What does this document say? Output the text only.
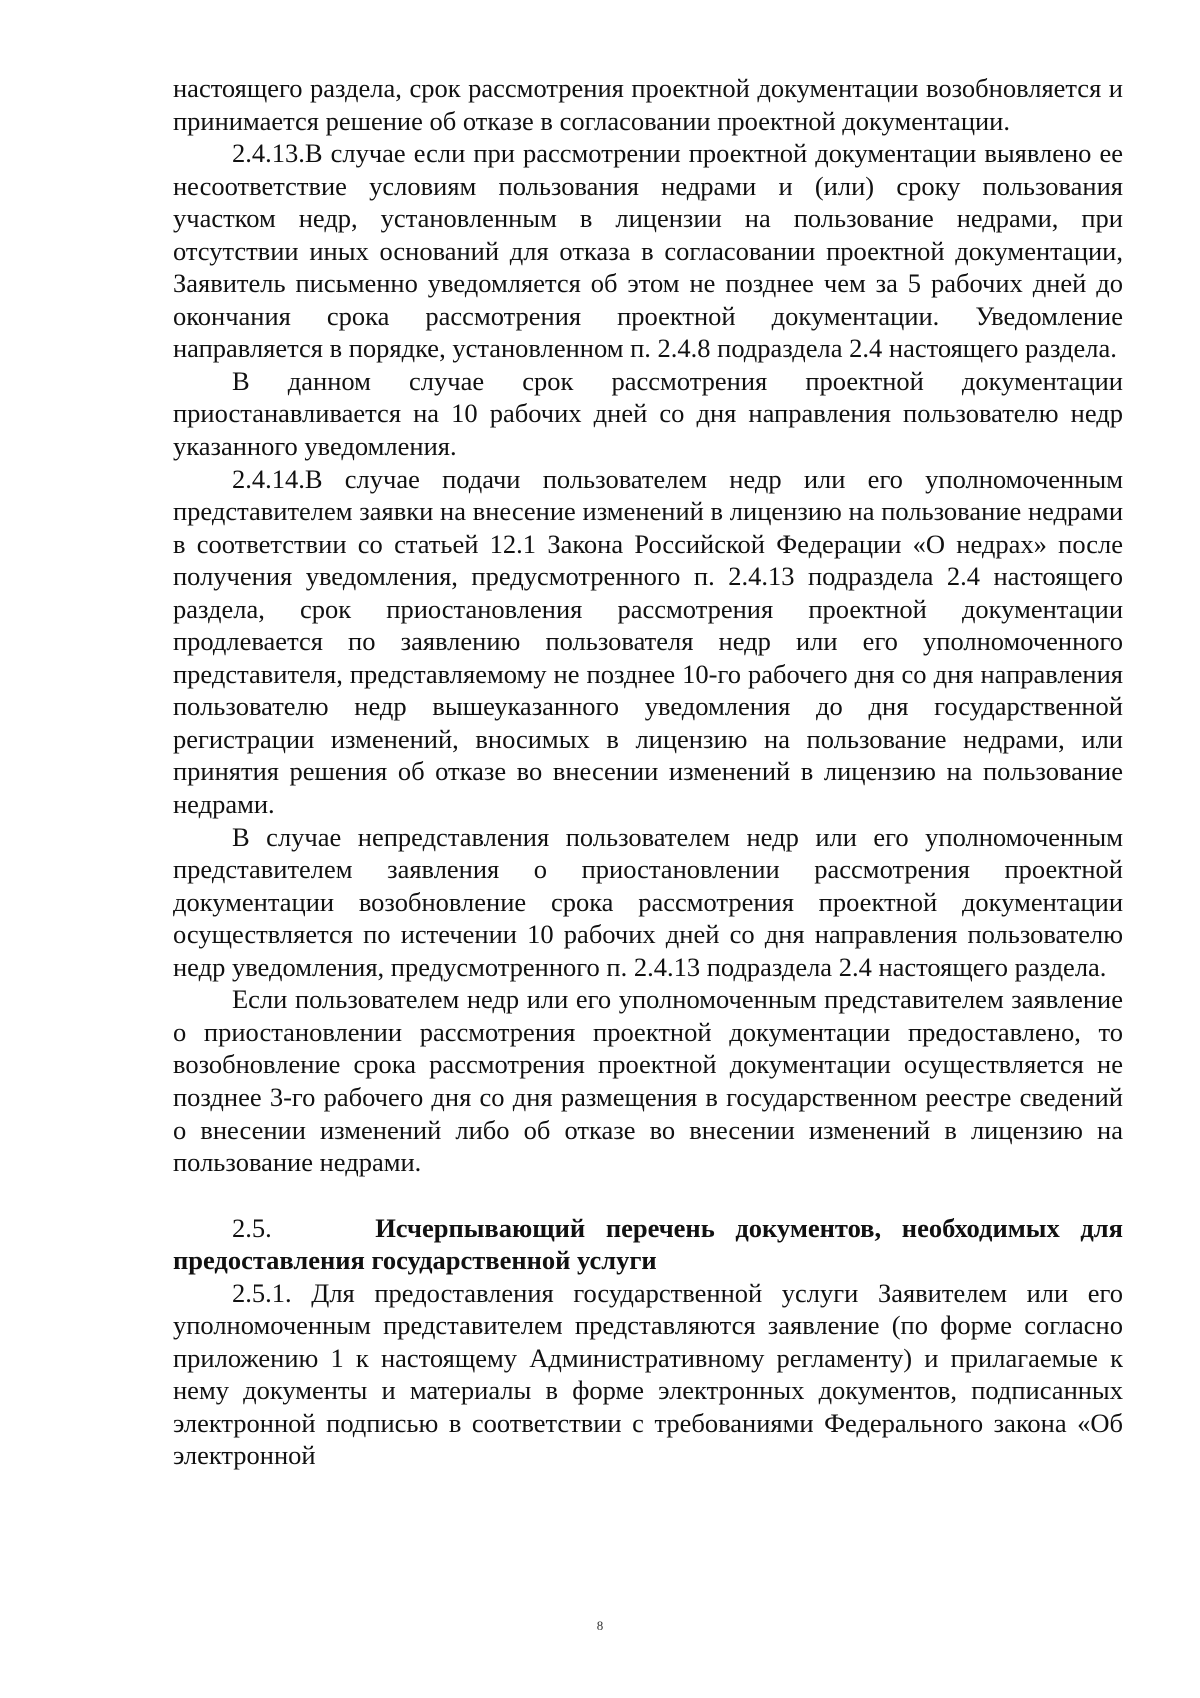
настоящего раздела, срок рассмотрения проектной документации возобновляется и принимается решение об отказе в согласовании проектной документации.

2.4.13.В случае если при рассмотрении проектной документации выявлено ее несоответствие условиям пользования недрами и (или) сроку пользования участком недр, установленным в лицензии на пользование недрами, при отсутствии иных оснований для отказа в согласовании проектной документации, Заявитель письменно уведомляется об этом не позднее чем за 5 рабочих дней до окончания срока рассмотрения проектной документации. Уведомление направляется в порядке, установленном п. 2.4.8 подраздела 2.4 настоящего раздела.

В данном случае срок рассмотрения проектной документации приостанавливается на 10 рабочих дней со дня направления пользователю недр указанного уведомления.

2.4.14.В случае подачи пользователем недр или его уполномоченным представителем заявки на внесение изменений в лицензию на пользование недрами в соответствии со статьей 12.1 Закона Российской Федерации «О недрах» после получения уведомления, предусмотренного п. 2.4.13 подраздела 2.4 настоящего раздела, срок приостановления рассмотрения проектной документации продлевается по заявлению пользователя недр или его уполномоченного представителя, представляемому не позднее 10-го рабочего дня со дня направления пользователю недр вышеуказанного уведомления до дня государственной регистрации изменений, вносимых в лицензию на пользование недрами, или принятия решения об отказе во внесении изменений в лицензию на пользование недрами.

В случае непредставления пользователем недр или его уполномоченным представителем заявления о приостановлении рассмотрения проектной документации возобновление срока рассмотрения проектной документации осуществляется по истечении 10 рабочих дней со дня направления пользователю недр уведомления, предусмотренного п. 2.4.13 подраздела 2.4 настоящего раздела.

Если пользователем недр или его уполномоченным представителем заявление о приостановлении рассмотрения проектной документации предоставлено, то возобновление срока рассмотрения проектной документации осуществляется не позднее 3-го рабочего дня со дня размещения в государственном реестре сведений о внесении изменений либо об отказе во внесении изменений в лицензию на пользование недрами.

2.5.	Исчерпывающий перечень документов, необходимых для предоставления государственной услуги

2.5.1. Для предоставления государственной услуги Заявителем или его уполномоченным представителем представляются заявление (по форме согласно приложению 1 к настоящему Административному регламенту) и прилагаемые к нему документы и материалы в форме электронных документов, подписанных электронной подписью в соответствии с требованиями Федерального закона «Об электронной

8
